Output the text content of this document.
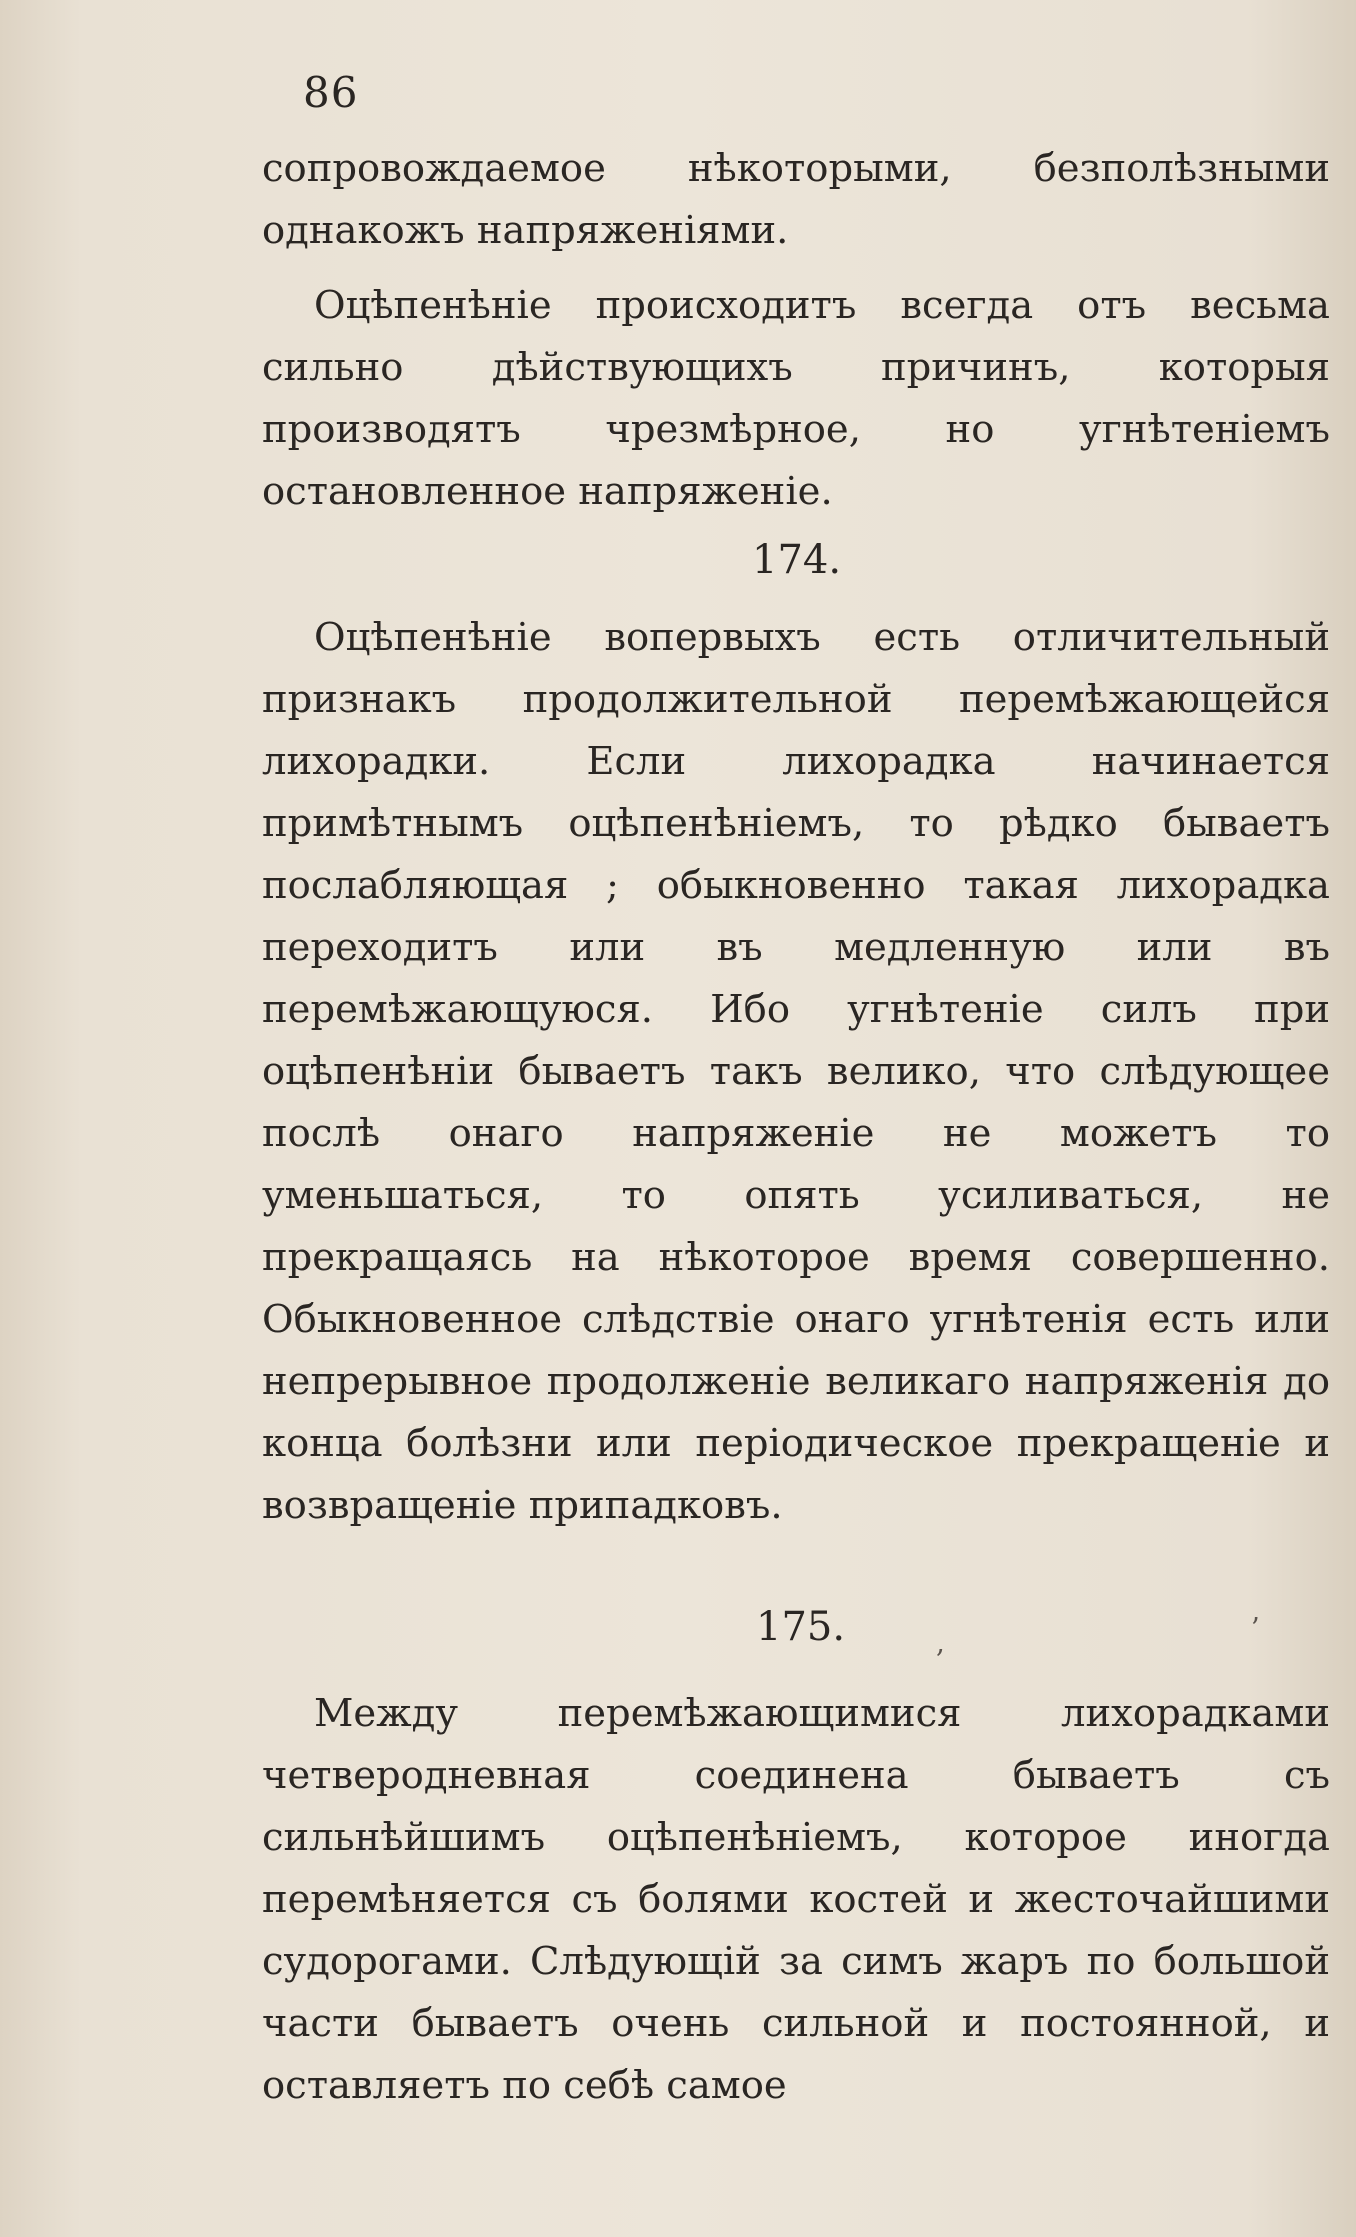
86

сопровождаемое нѣкоторыми, безполѣзными однакожъ напряженiями.

Оцѣпенѣнiе происходитъ всегда отъ весьма сильно дѣйствующихъ причинъ, которыя производятъ чрезмѣрное, но угнѣтенiемъ остановленное напряженiе.

174.

Оцѣпенѣнiе вопервыхъ есть отличительный признакъ продолжительной перемѣжающейся лихорадки. Если лихорадка начинается примѣтнымъ оцѣпенѣнiемъ, то рѣдко бываетъ послабляющая ; обыкновенно такая лихорадка переходитъ или въ медленную или въ перемѣжающуюся. Ибо угнѣтенiе силъ при оцѣпенѣнiи бываетъ такъ велико, что слѣдующее послѣ онаго напряженiе не можетъ то уменьшаться, то опять усиливаться, не прекращаясь на нѣкоторое время совершенно. Обыкновенное слѣдствiе онаго угнѣтенiя есть или непрерывное продолженiе великаго напряженiя до конца болѣзни или перiодическое прекращенiе и возвращенiе припадковъ.

175.	,	ʼ

Между перемѣжающимися лихорадками четверодневная соединена бываетъ съ сильнѣйшимъ оцѣпенѣнiемъ, которое иногда перемѣняется съ болями костей и жесточайшими судорогами. Слѣдующiй за симъ жаръ по большой части бываетъ очень сильной и постоянной, и оставляетъ по себѣ самое
